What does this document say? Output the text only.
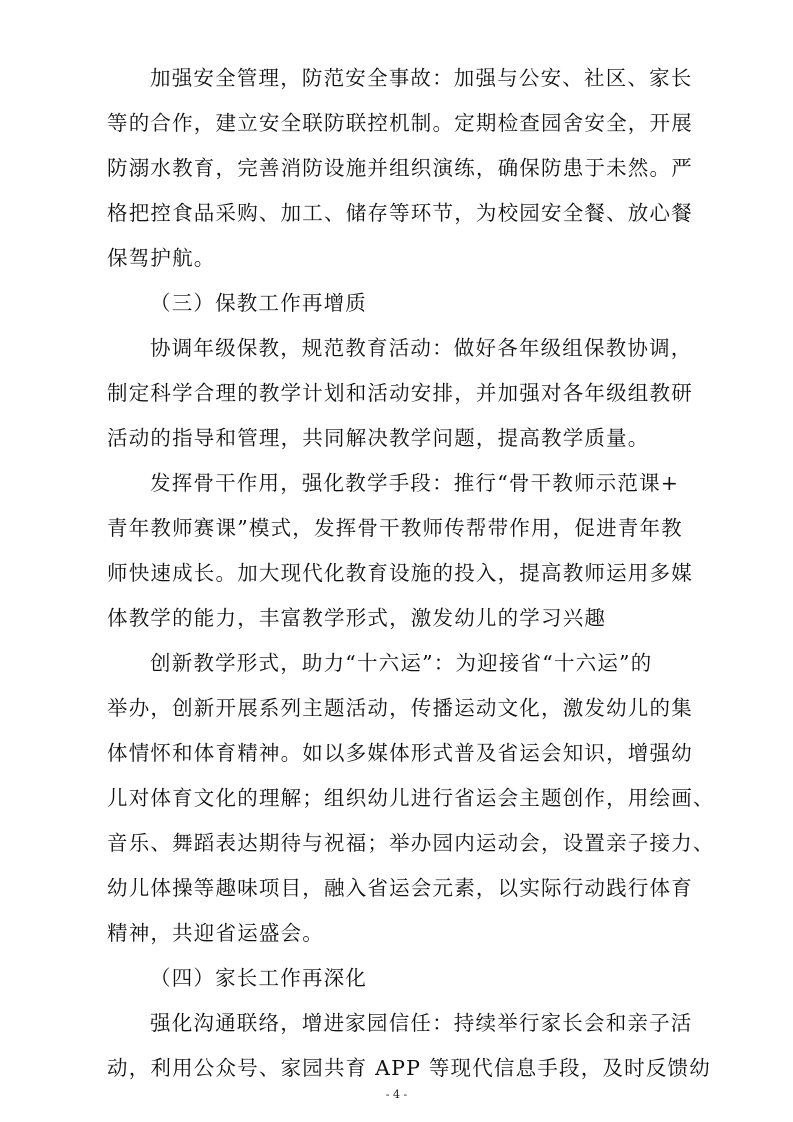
加强安全管理，防范安全事故：加强与公安、社区、家长
等的合作，建立安全联防联控机制。定期检查园舍安全，开展
防溺水教育，完善消防设施并组织演练，确保防患于未然。严
格把控食品采购、加工、储存等环节，为校园安全餐、放心餐
保驾护航。
（三）保教工作再增质
协调年级保教，规范教育活动：做好各年级组保教协调，
制定科学合理的教学计划和活动安排，并加强对各年级组教研
活动的指导和管理，共同解决教学问题，提高教学质量。
发挥骨干作用，强化教学手段：推行“骨干教师示范课+
青年教师赛课”模式，发挥骨干教师传帮带作用，促进青年教
师快速成长。加大现代化教育设施的投入，提高教师运用多媒
体教学的能力，丰富教学形式，激发幼儿的学习兴趣
创新教学形式，助力“十六运”：为迎接省“十六运”的
举办，创新开展系列主题活动，传播运动文化，激发幼儿的集
体情怀和体育精神。如以多媒体形式普及省运会知识，增强幼
儿对体育文化的理解；组织幼儿进行省运会主题创作，用绘画、
音乐、舞蹈表达期待与祝福；举办园内运动会，设置亲子接力、
幼儿体操等趣味项目，融入省运会元素，以实际行动践行体育
精神，共迎省运盛会。
（四）家长工作再深化
强化沟通联络，增进家园信任：持续举行家长会和亲子活
动，利用公众号、家园共育 APP 等现代信息手段，及时反馈幼
- 4 -
